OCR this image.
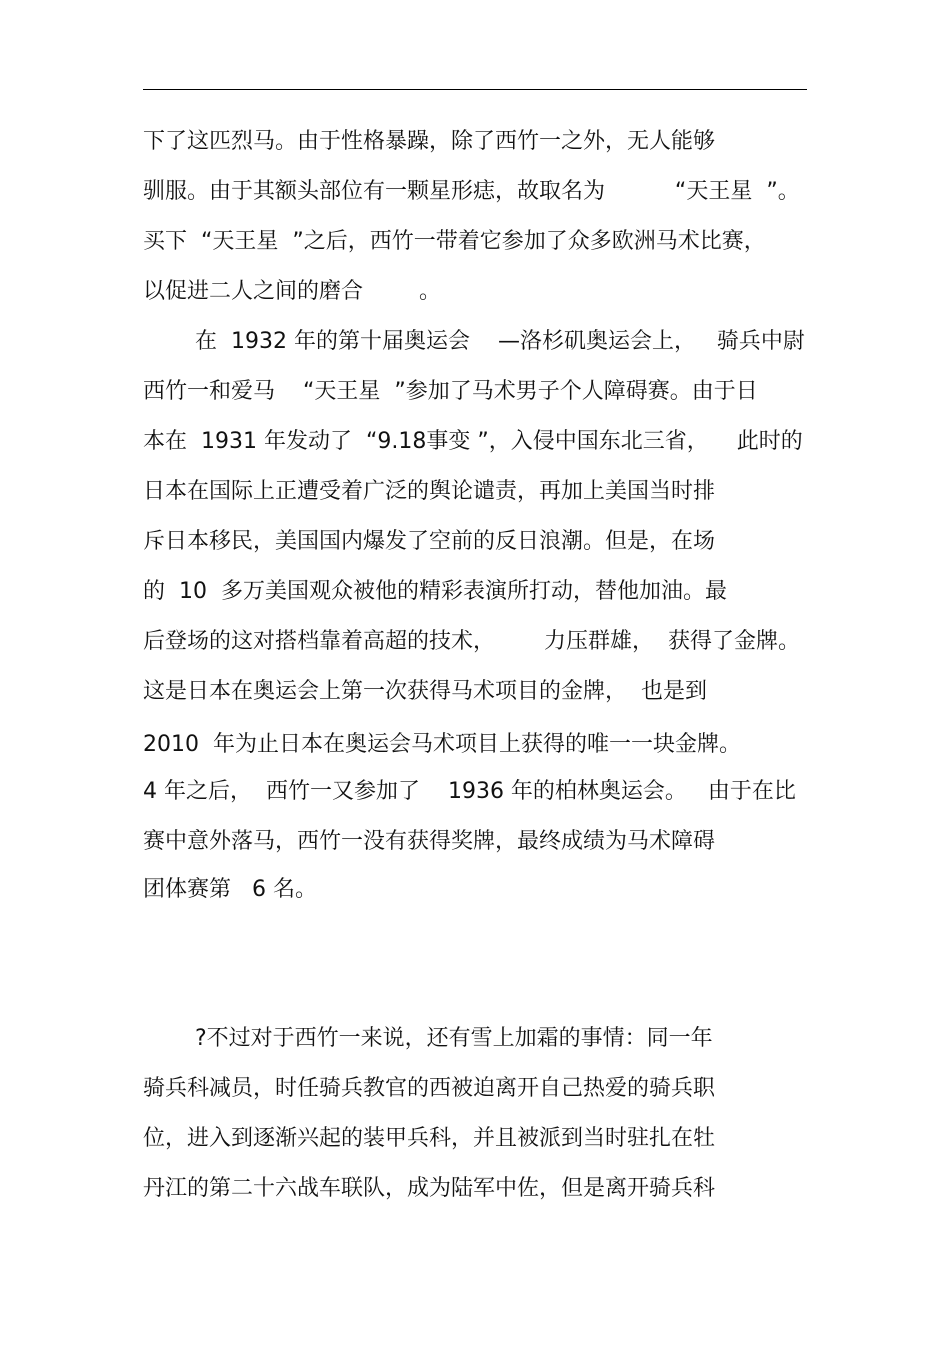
下了这匹烈马。由于性格暴躁，除了西竹一之外，无人能够
驯服。由于其额头部位有一颗星形痣，故取名为          “天王星  ”。
买下  “天王星  ”之后，西竹一带着它参加了众多欧洲马术比赛，
以促进二人之间的磨合        。
在  1932 年的第十届奥运会    —洛杉矶奥运会上，   骑兵中尉
西竹一和爱马    “天王星  ”参加了马术男子个人障碍赛。由于日
本在  1931 年发动了  “9.18事变 ”，入侵中国东北三省，    此时的
日本在国际上正遭受着广泛的舆论谴责，再加上美国当时排
斥日本移民，美国国内爆发了空前的反日浪潮。但是，在场
的  10  多万美国观众被他的精彩表演所打动，替他加油。最
后登场的这对搭档靠着高超的技术，       力压群雄，  获得了金牌。
这是日本在奥运会上第一次获得马术项目的金牌，  也是到
2010  年为止日本在奥运会马术项目上获得的唯一一块金牌。
4 年之后，  西竹一又参加了    1936 年的柏林奥运会。   由于在比
赛中意外落马，西竹一没有获得奖牌，最终成绩为马术障碍
团体赛第   6 名。
?不过对于西竹一来说，还有雪上加霜的事情：同一年
骑兵科减员，时任骑兵教官的西被迫离开自己热爱的骑兵职
位，进入到逐渐兴起的装甲兵科，并且被派到当时驻扎在牡
丹江的第二十六战车联队，成为陆军中佐，但是离开骑兵科
